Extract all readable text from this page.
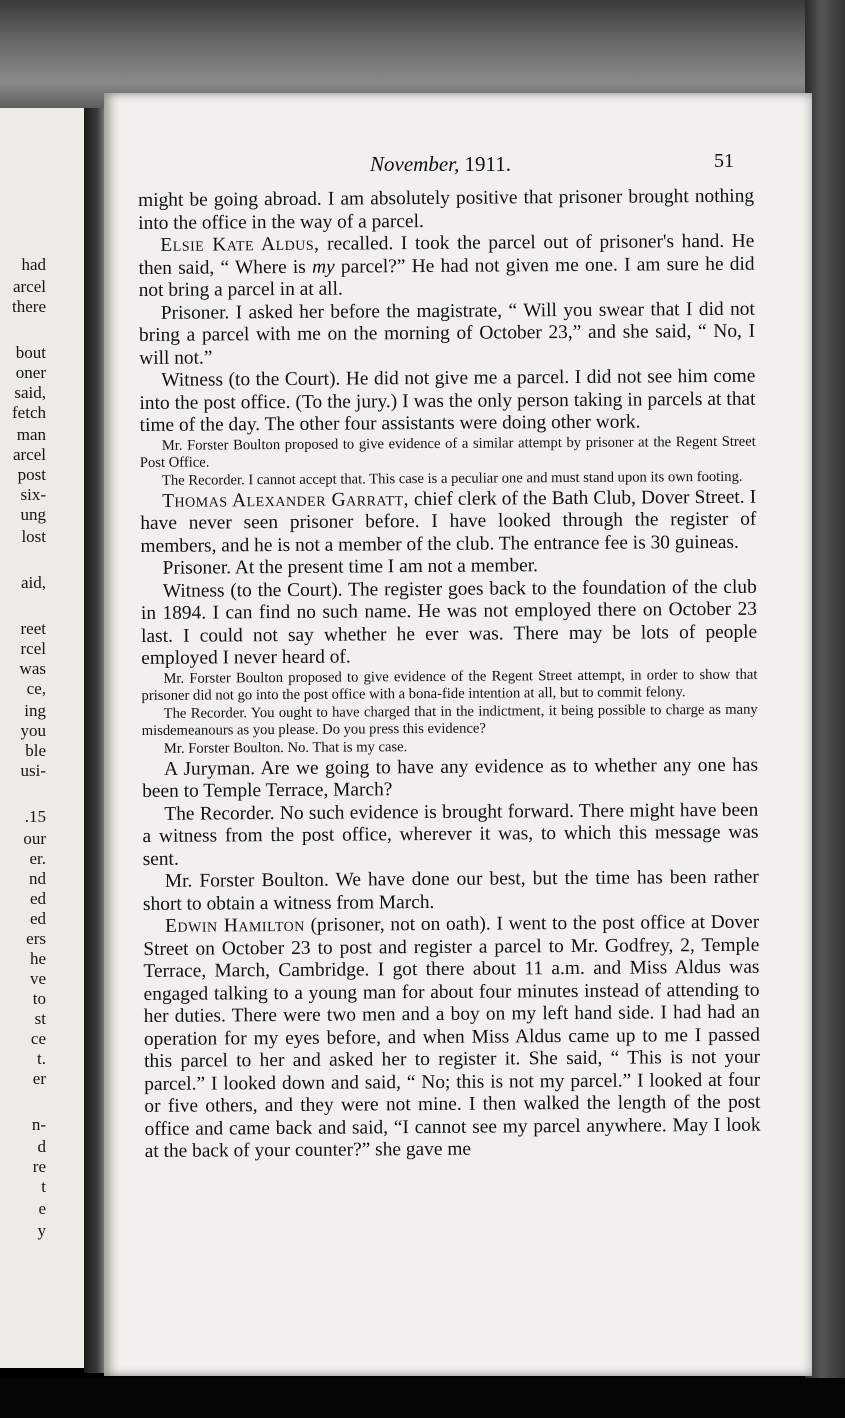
had
arcel
there
bout
oner
said,
fetch
man
arcel
post
six-
ung
lost
aid,
reet
rcel
was
ce,
ing
you
ble
usi-
.15
our
er.
nd
ed
ed
ers
he
ve
to
st
ce
t.
er
n-
d
re
t
e
y
November, 1911.	51

might be going abroad. I am absolutely positive that prisoner brought nothing into the office in the way of a parcel.

Elsie Kate Aldus, recalled. I took the parcel out of prisoner's hand. He then said, “ Where is my parcel?” He had not given me one. I am sure he did not bring a parcel in at all.

Prisoner. I asked her before the magistrate, “ Will you swear that I did not bring a parcel with me on the morning of October 23,” and she said, “ No, I will not.”

Witness (to the Court). He did not give me a parcel. I did not see him come into the post office. (To the jury.) I was the only person taking in parcels at that time of the day. The other four assistants were doing other work.

Mr. Forster Boulton proposed to give evidence of a similar attempt by prisoner at the Regent Street Post Office.

The Recorder. I cannot accept that. This case is a peculiar one and must stand upon its own footing.

Thomas Alexander Garratt, chief clerk of the Bath Club, Dover Street. I have never seen prisoner before. I have looked through the register of members, and he is not a member of the club. The entrance fee is 30 guineas.

Prisoner. At the present time I am not a member.

Witness (to the Court). The register goes back to the foundation of the club in 1894. I can find no such name. He was not employed there on October 23 last. I could not say whether he ever was. There may be lots of people employed I never heard of.

Mr. Forster Boulton proposed to give evidence of the Regent Street attempt, in order to show that prisoner did not go into the post office with a bona-fide intention at all, but to commit felony.

The Recorder. You ought to have charged that in the indictment, it being possible to charge as many misdemeanours as you please. Do you press this evidence?

Mr. Forster Boulton. No. That is my case.

A Juryman. Are we going to have any evidence as to whether any one has been to Temple Terrace, March?

The Recorder. No such evidence is brought forward. There might have been a witness from the post office, wherever it was, to which this message was sent.

Mr. Forster Boulton. We have done our best, but the time has been rather short to obtain a witness from March.

Edwin Hamilton (prisoner, not on oath). I went to the post office at Dover Street on October 23 to post and register a parcel to Mr. Godfrey, 2, Temple Terrace, March, Cambridge. I got there about 11 a.m. and Miss Aldus was engaged talking to a young man for about four minutes instead of attending to her duties. There were two men and a boy on my left hand side. I had had an operation for my eyes before, and when Miss Aldus came up to me I passed this parcel to her and asked her to register it. She said, “ This is not your parcel.” I looked down and said, “ No; this is not my parcel.” I looked at four or five others, and they were not mine. I then walked the length of the post office and came back and said, “I cannot see my parcel anywhere. May I look at the back of your counter?” she gave me
